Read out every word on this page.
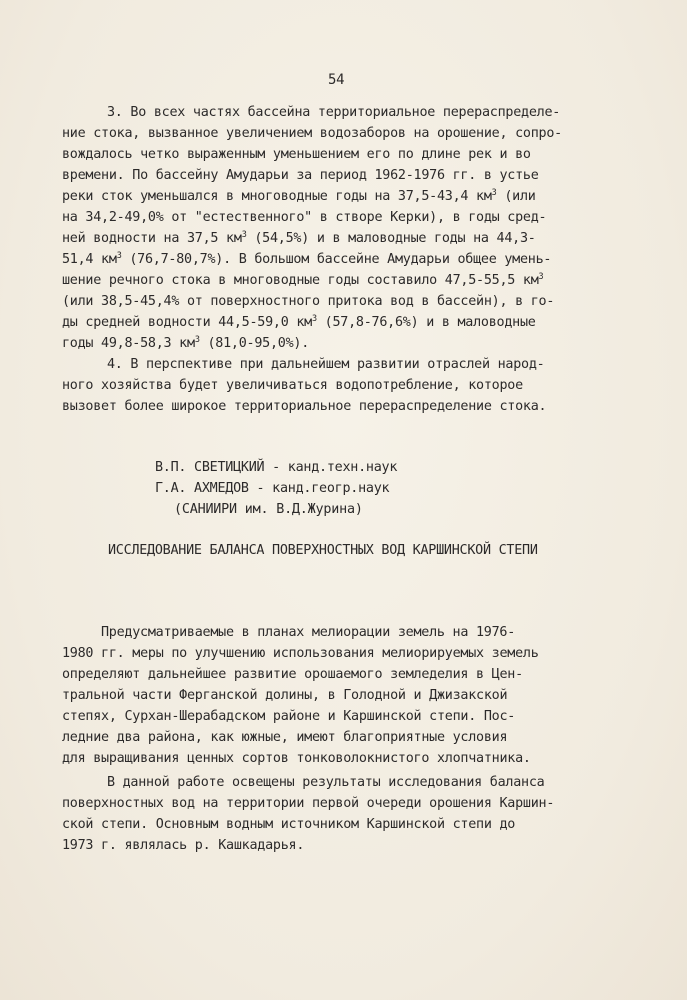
54
3. Во всех частях бассейна территориальное перераспределе-
ние стока, вызванное увеличением водозаборов на орошение, сопро-
вождалось четко выраженным уменьшением его по длине рек и во
времени. По бассейну Амударьи за период 1962-1976 гг. в устье
реки сток уменьшался в многоводные годы на 37,5-43,4 $км^3$ (или
на 34,2-49,0% от "естественного" в створе Керки), в годы сред-
ней водности на 37,5 $км^3$ (54,5%) и в маловодные годы на 44,3-
51,4 $км^3$ (76,7-80,7%). В большом бассейне Амударьи общее умень-
шение речного стока в многоводные годы составило 47,5-55,5 $км^3$
(или 38,5-45,4% от поверхностного притока вод в бассейн), в го-
ды средней водности 44,5-59,0 $км^3$ (57,8-76,6%) и в маловодные
годы 49,8-58,3 $км^3$ (81,0-95,0%).
4. В перспективе при дальнейшем развитии отраслей народ-
ного хозяйства будет увеличиваться водопотребление, которое
вызовет более широкое территориальное перераспределение стока.
В.П. СВЕТИЦКИЙ - канд.техн.наук
Г.А. АХМЕДОВ - канд.геогр.наук
(САНИИРИ им. В.Д.Журина)
ИССЛЕДОВАНИЕ БАЛАНСА ПОВЕРХНОСТНЫХ ВОД КАРШИНСКОЙ СТЕПИ
Предусматриваемые в планах мелиорации земель на 1976-
1980 гг. меры по улучшению использования мелиорируемых земель
определяют дальнейшее развитие орошаемого земледелия в Цен-
тральной части Ферганской долины, в Голодной и Джизакской
степях, Сурхан-Шерабадском районе и Каршинской степи. Пос-
ледние два района, как южные, имеют благоприятные условия
для выращивания ценных сортов тонковолокнистого хлопчатника.
В данной работе освещены результаты исследования баланса
поверхностных вод на территории первой очереди орошения Каршин-
ской степи. Основным водным источником Каршинской степи до
1973 г. являлась р. Кашкадарья.
